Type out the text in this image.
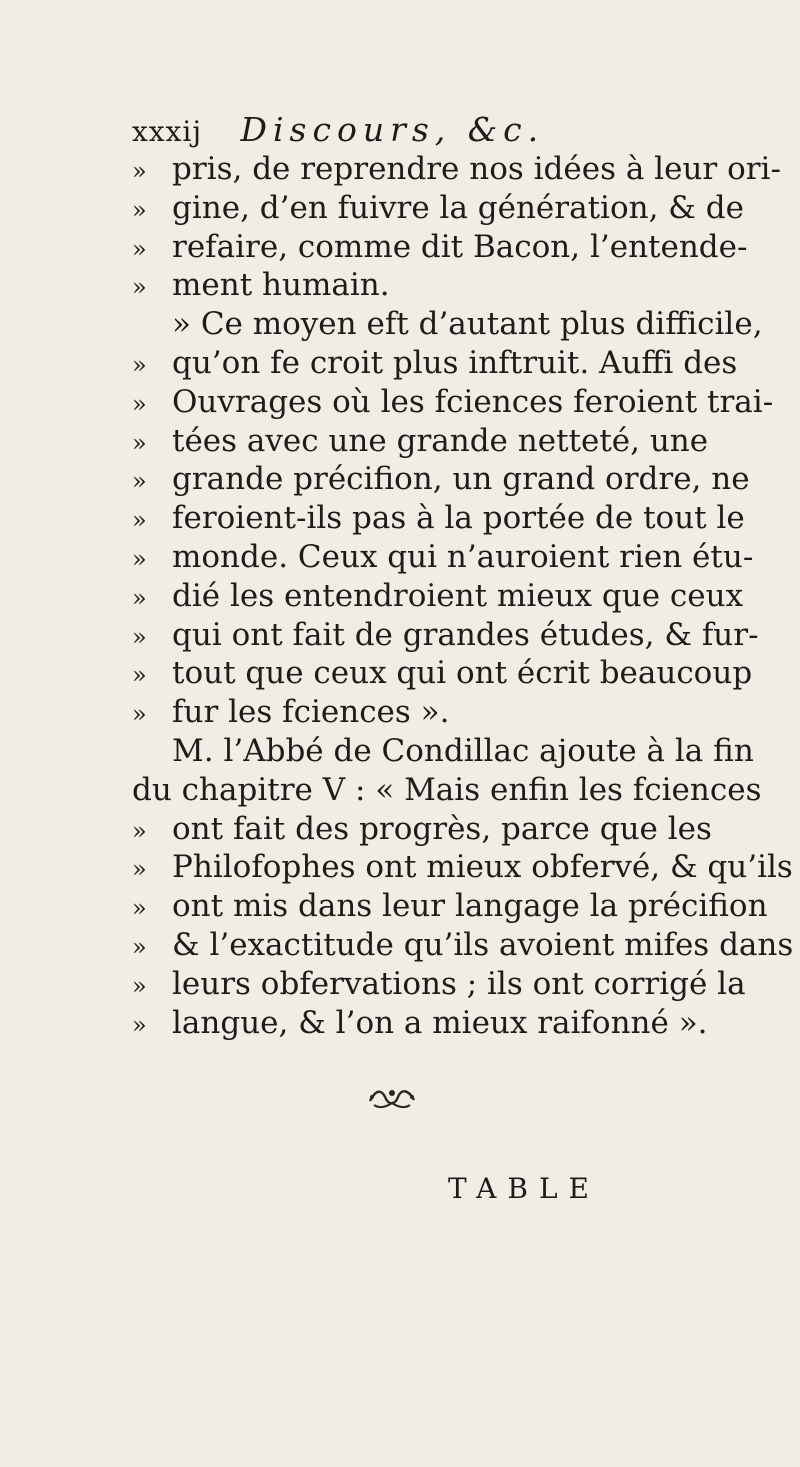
xxxij Discours, &c.
» pris, de reprendre nos idées à leur ori-
» gine, d’en fuivre la génération, & de
» refaire, comme dit Bacon, l’entende-
» ment humain.
» Ce moyen eft d’autant plus difficile,
» qu’on fe croit plus inftruit. Auffi des
» Ouvrages où les fciences feroient trai-
» tées avec une grande netteté, une
» grande précifion, un grand ordre, ne
» feroient-ils pas à la portée de tout le
» monde. Ceux qui n’auroient rien étu-
» dié les entendroient mieux que ceux
» qui ont fait de grandes études, & fur-
» tout que ceux qui ont écrit beaucoup
» fur les fciences ».
M. l’Abbé de Condillac ajoute à la fin
du chapitre V : « Mais enfin les fciences
» ont fait des progrès, parce que les
» Philofophes ont mieux obfervé, & qu’ils
» ont mis dans leur langage la précifion
» & l’exactitude qu’ils avoient mifes dans
» leurs obfervations ; ils ont corrigé la
» langue, & l’on a mieux raifonné ».
TABLE
